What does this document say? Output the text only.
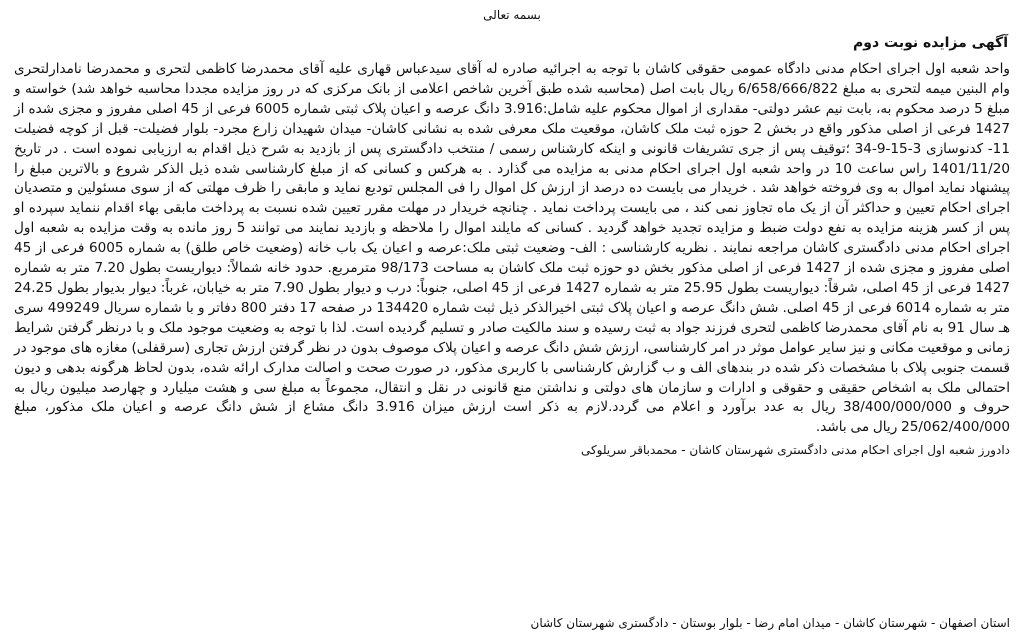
بسمه تعالی

آگهی مزایده نوبت دوم

واحد شعبه اول اجرای احکام مدنی دادگاه عمومی حقوقی کاشان با توجه به اجرائیه صادره له آقای سیدعباس قهاری علیه آقای محمدرضا کاظمی لتحری و محمدرضا نامدارلتحری وام البنین میمه لتحری به مبلغ 6/658/666/822 ریال بابت اصل (محاسبه شده طبق آخرین شاخص اعلامی از بانک مرکزی که در روز مزایده مجددا محاسبه خواهد شد) خواسته و مبلغ 5 درصد محکوم به، بابت نیم عشر دولتی- مقداری از اموال محکوم علیه شامل:3.916 دانگ عرصه و اعیان پلاک ثبتی شماره 6005 فرعی از 45 اصلی مفروز و مجزی شده از 1427 فرعی از اصلی مذکور واقع در بخش 2 حوزه ثبت ملک کاشان، موقعیت ملک معرفی شده به نشانی کاشان- میدان شهیدان زارع مجرد- بلوار فضیلت- قبل از کوچه فضیلت 11- کدنوسازی 3-15-9-34 ؛توقیف پس از جری تشریفات قانونی و اینکه کارشناس رسمی / منتخب دادگستری پس از بازدید به شرح ذیل اقدام به ارزیابی نموده است . در تاریخ 1401/11/20 راس ساعت 10 در واحد شعبه اول اجرای احکام مدنی به مزایده می گذارد . به هرکس و کسانی که از مبلغ کارشناسی شده ذیل الذکر شروع و بالاترین مبلغ را پیشنهاد نماید اموال به وی فروخته خواهد شد . خریدار می بایست ده درصد از ارزش کل اموال را فی المجلس تودیع نماید و مابقی را ظرف مهلتی که از سوی مسئولین و متصدیان اجرای احکام تعیین و حداکثر آن از یک ماه تجاوز نمی کند ، می بایست پرداخت نماید . چنانچه خریدار در مهلت مقرر تعیین شده نسبت به پرداخت مابقی بهاء اقدام ننماید سپرده او پس از کسر هزینه مزایده به نفع دولت ضبط و مزایده تجدید خواهد گردید . کسانی که مایلند اموال را ملاحظه و بازدید نمایند می توانند 5 روز مانده به وقت مزایده به شعبه اول اجرای احکام مدنی دادگستری کاشان مراجعه نمایند . نظریه کارشناسی : الف- وضعیت ثبتی ملک:عرصه و اعیان یک باب خانه (وضعیت خاص طلق) به شماره 6005 فرعی از 45 اصلی مفروز و مجزی شده از 1427 فرعی از اصلی مذکور بخش دو حوزه ثبت ملک کاشان به مساحت 98/173 مترمربع. حدود خانه شمالاً: دیواریست بطول 7.20 متر به شماره 1427 فرعی از 45 اصلی، شرقاً: دیواریست بطول 25.95 متر به شماره 1427 فرعی از 45 اصلی، جنوباً: درب و دیوار بطول 7.90 متر به خیابان، غرباً: دیوار بدیوار بطول 24.25 متر به شماره 6014 فرعی از 45 اصلی. شش دانگ عرصه و اعیان پلاک ثبتی اخیرالذکر ذیل ثبت شماره 134420 در صفحه 17 دفتر 800 دفاتر و با شماره سریال 499249 سری هـ سال 91 به نام آقای محمدرضا کاظمی لتحری فرزند جواد به ثبت رسیده و سند مالکیت صادر و تسلیم گردیده است. لذا با توجه به وضعیت موجود ملک و با درنظر گرفتن شرایط زمانی و موقعیت مکانی و نیز سایر عوامل موثر در امر کارشناسی، ارزش شش دانگ عرصه و اعیان پلاک موصوف بدون در نظر گرفتن ارزش تجاری (سرقفلی) مغازه های موجود در قسمت جنوبی پلاک با مشخصات ذکر شده در بندهای الف و ب گزارش کارشناسی با کاربری مذکور، در صورت صحت و اصالت مدارک ارائه شده، بدون لحاظ هرگونه بدهی و دیون احتمالی ملک به اشخاص حقیقی و حقوقی و ادارات و سازمان های دولتی و نداشتن منع قانونی در نقل و انتقال، مجموعاً به مبلغ سی و هشت میلیارد و چهارصد میلیون ریال به حروف و 38/400/000/000 ریال به عدد برآورد و اعلام می گردد.لازم به ذکر است ارزش میزان 3.916 دانگ مشاع از شش دانگ عرصه و اعیان ملک مذکور، مبلغ 25/062/400/000 ریال می باشد.

دادورز شعبه اول اجرای احکام مدنی دادگستری شهرستان کاشان - محمدباقر سریلوکی

استان اصفهان - شهرستان کاشان - میدان امام رضا - بلوار بوستان - دادگستری شهرستان کاشان
